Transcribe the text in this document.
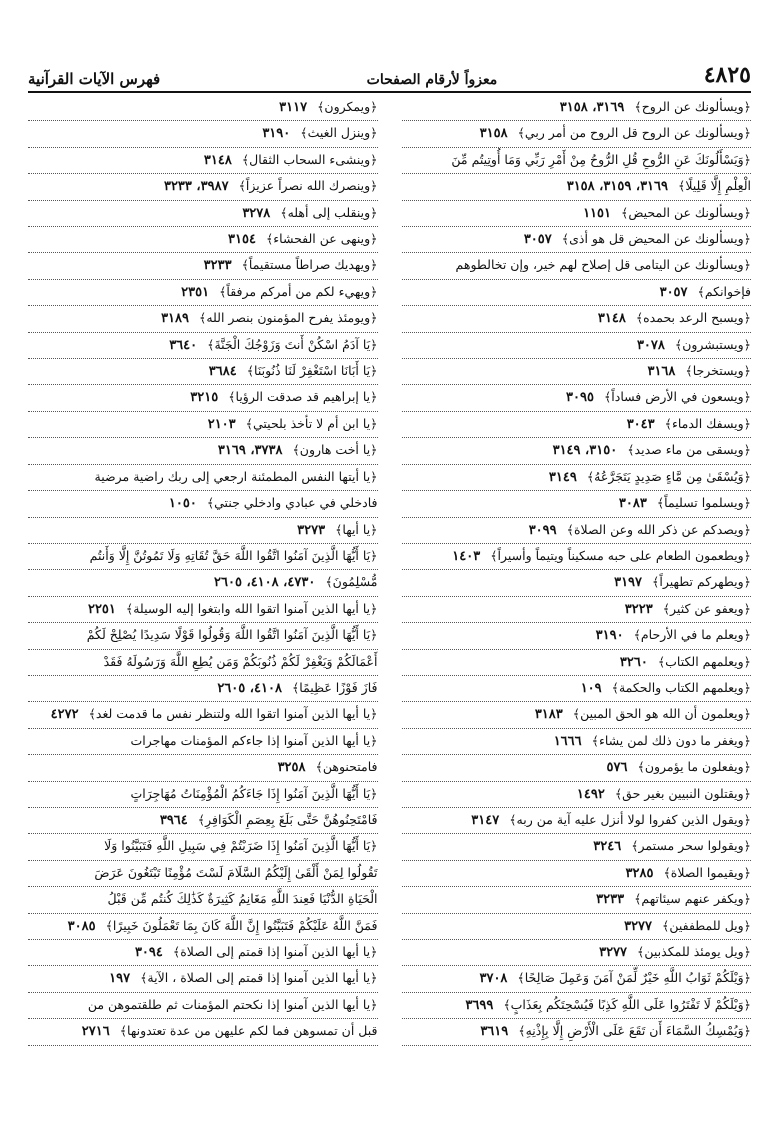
٤٨٢٥
معزواً لأرقام الصفحات
فهرس الآيات القرآنية
﴿ويسألونك عن الروح﴾٣١٦٩، ٣١٥٨
﴿ويسألونك عن الروح قل الروح من أمر ربي﴾٣١٥٨
﴿وَيَسْأَلُونَكَ عَنِ الرُّوحِ قُلِ الرُّوحُ مِنْ أَمْرِ رَبِّي وَمَا أُوتِيتُم مِّنَ
الْعِلْمِ إِلَّا قَلِيلًا﴾٣١٦٩، ٣١٥٩، ٣١٥٨
﴿ويسألونك عن المحيض﴾١١٥١
﴿ويسألونك عن المحيض قل هو أذى﴾٣٠٥٧
﴿ويسألونك عن اليتامى قل إصلاح لهم خير، وإن تخالطوهم
فإخوانكم﴾٣٠٥٧
﴿ويسبح الرعد بحمده﴾٣١٤٨
﴿ويستبشرون﴾٣٠٧٨
﴿ويستخرجا﴾٣١٦٨
﴿ويسعون في الأرض فساداً﴾٣٠٩٥
﴿ويسفك الدماء﴾٣٠٤٣
﴿ويسقى من ماء صديد﴾٣١٥٠، ٣١٤٩
﴿وَيُسْقَىٰ مِن مَّاءٍ صَدِيدٍ يَتَجَرَّعُهُ﴾٣١٤٩
﴿ويسلموا تسليماً﴾٣٠٨٣
﴿ويصدكم عن ذكر الله وعن الصلاة﴾٣٠٩٩
﴿ويطعمون الطعام على حبه مسكيناً ويتيماً وأسيراً﴾١٤٠٣
﴿ويطهركم تطهيراً﴾٣١٩٧
﴿ويعفو عن كثير﴾٣٢٢٣
﴿ويعلم ما في الأرحام﴾٣١٩٠
﴿ويعلمهم الكتاب﴾٣٢٦٠
﴿ويعلمهم الكتاب والحكمة﴾١٠٩
﴿ويعلمون أن الله هو الحق المبين﴾٣١٨٣
﴿ويغفر ما دون ذلك لمن يشاء﴾١٦٦٦
﴿ويفعلون ما يؤمرون﴾٥٧٦
﴿ويقتلون النبيين بغير حق﴾١٤٩٢
﴿ويقول الذين كفروا لولا أنزل عليه آية من ربه﴾٣١٤٧
﴿ويقولوا سحر مستمر﴾٣٢٤٦
﴿ويقيموا الصلاة﴾٣٢٨٥
﴿ويكفر عنهم سيئاتهم﴾٣٢٣٣
﴿ويل للمطففين﴾٣٢٧٧
﴿ويل يومئذ للمكذبين﴾٣٢٧٧
﴿وَيْلَكُمْ ثَوَابُ اللَّهِ خَيْرٌ لِّمَنْ آمَنَ وَعَمِلَ صَالِحًا﴾٣٧٠٨
﴿وَيْلَكُمْ لَا تَفْتَرُوا عَلَى اللَّهِ كَذِبًا فَيُسْحِتَكُم بِعَذَابٍ﴾٣٦٩٩
﴿وَيُمْسِكُ السَّمَاءَ أَن تَقَعَ عَلَى الْأَرْضِ إِلَّا بِإِذْنِهِ﴾٣٦١٩
﴿ويمكرون﴾٣١١٧
﴿وينزل الغيث﴾٣١٩٠
﴿وينشىء السحاب الثقال﴾٣١٤٨
﴿وينصرك الله نصراً عزيزاً﴾٣٩٨٧، ٣٢٣٣
﴿وينقلب إلى أهله﴾٣٢٧٨
﴿وينهى عن الفحشاء﴾٣١٥٤
﴿ويهديك صراطاً مستقيماً﴾٣٢٣٣
﴿ويهيء لكم من أمركم مرفقاً﴾٢٣٥١
﴿ويومئذ يفرح المؤمنون بنصر الله﴾٣١٨٩
﴿يَا آدَمُ اسْكُنْ أَنتَ وَزَوْجُكَ الْجَنَّةَ﴾٣٦٤٠
﴿يَا أَبَانَا اسْتَغْفِرْ لَنَا ذُنُوبَنَا﴾٣٦٨٤
﴿يا إبراهيم قد صدقت الرؤيا﴾٣٢١٥
﴿يا ابن أم لا تأخذ بلحيتي﴾٢١٠٣
﴿يا أخت هارون﴾٣٧٣٨، ٣١٦٩
﴿يا أيتها النفس المطمئنة ارجعي إلى ربك راضية مرضية
فادخلي في عبادي وادخلي جنتي﴾١٠٥٠
﴿يا أيها﴾٣٢٧٣
﴿يَا أَيُّهَا الَّذِينَ آمَنُوا اتَّقُوا اللَّهَ حَقَّ تُقَاتِهِ وَلَا تَمُوتُنَّ إِلَّا وَأَنتُم
مُّسْلِمُونَ﴾٤٧٣٠، ٤١٠٨، ٢٦٠٥
﴿يا أيها الذين آمنوا اتقوا الله وابتغوا إليه الوسيلة﴾٢٢٥١
﴿يَا أَيُّهَا الَّذِينَ آمَنُوا اتَّقُوا اللَّهَ وَقُولُوا قَوْلًا سَدِيدًا يُصْلِحْ لَكُمْ
أَعْمَالَكُمْ وَيَغْفِرْ لَكُمْ ذُنُوبَكُمْ وَمَن يُطِعِ اللَّهَ وَرَسُولَهُ فَقَدْ
فَازَ فَوْزًا عَظِيمًا﴾٤١٠٨، ٢٦٠٥
﴿يا أيها الذين آمنوا اتقوا الله ولتنظر نفس ما قدمت لغد﴾٤٢٧٢
﴿يا أيها الذين آمنوا إذا جاءكم المؤمنات مهاجرات
فامتحنوهن﴾٣٢٥٨
﴿يَا أَيُّهَا الَّذِينَ آمَنُوا إِذَا جَاءَكُمُ الْمُؤْمِنَاتُ مُهَاجِرَاتٍ
فَامْتَحِنُوهُنَّ حَتَّى بَلَغَ بِعِصَمِ الْكَوَافِرِ﴾٣٩٦٤
﴿يَا أَيُّهَا الَّذِينَ آمَنُوا إِذَا ضَرَبْتُمْ فِي سَبِيلِ اللَّهِ فَتَبَيَّنُوا وَلَا
تَقُولُوا لِمَنْ أَلْقَىٰ إِلَيْكُمُ السَّلَامَ لَسْتَ مُؤْمِنًا تَبْتَغُونَ عَرَضَ
الْحَيَاةِ الدُّنْيَا فَعِندَ اللَّهِ مَغَانِمُ كَثِيرَةٌ كَذَٰلِكَ كُنتُم مِّن قَبْلُ
فَمَنَّ اللَّهُ عَلَيْكُمْ فَتَبَيَّنُوا إِنَّ اللَّهَ كَانَ بِمَا تَعْمَلُونَ خَبِيرًا﴾٣٠٨٥
﴿يا أيها الذين آمنوا إذا قمتم إلى الصلاة﴾٣٠٩٤
﴿يا أيها الذين آمنوا إذا قمتم إلى الصلاة ، الآية﴾١٩٧
﴿يا أيها الذين آمنوا إذا نكحتم المؤمنات ثم طلقتموهن من
قبل أن تمسوهن فما لكم عليهن من عدة تعتدونها﴾٢٧١٦
